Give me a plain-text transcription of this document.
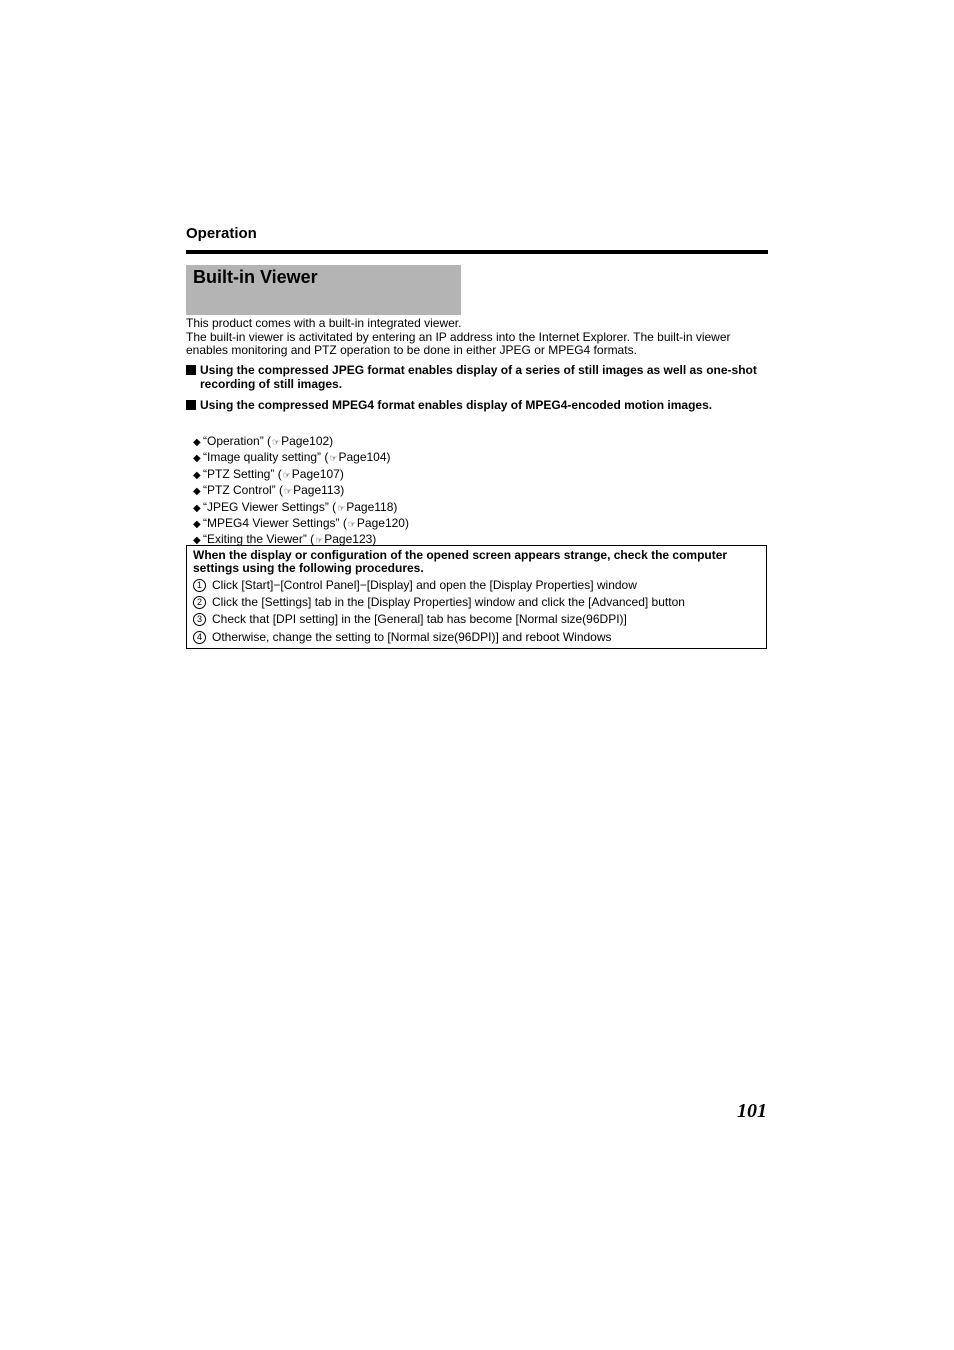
Operation
Built-in Viewer

This product comes with a built-in integrated viewer.

The built-in viewer is activitated by entering an IP address into the Internet Explorer. The built-in viewer enables monitoring and PTZ operation to be done in either JPEG or MPEG4 formats.

Using the compressed JPEG format enables display of a series of still images as well as one-shot recording of still images.
Using the compressed MPEG4 format enables display of MPEG4-encoded motion images.
◆ “Operation” ( ☞ Page102 )
◆ “Image quality setting” ( ☞ Page104 )
◆ “PTZ Setting” ( ☞ Page107 )
◆ “PTZ Control” ( ☞ Page113 )
◆ “JPEG Viewer Settings” ( ☞ Page118 )
◆ “MPEG4 Viewer Settings” ( ☞ Page120 )
◆ “Exiting the Viewer” ( ☞ Page123 )
When the display or configuration of the opened screen appears strange, check the computer settings using the following procedures.
1 Click [Start]−[Control Panel]−[Display] and open the [Display Properties] window
2 Click the [Settings] tab in the [Display Properties] window and click the [Advanced] button
3 Check that [DPI setting] in the [General] tab has become [Normal size(96DPI)]
4 Otherwise, change the setting to [Normal size(96DPI)] and reboot Windows
101
